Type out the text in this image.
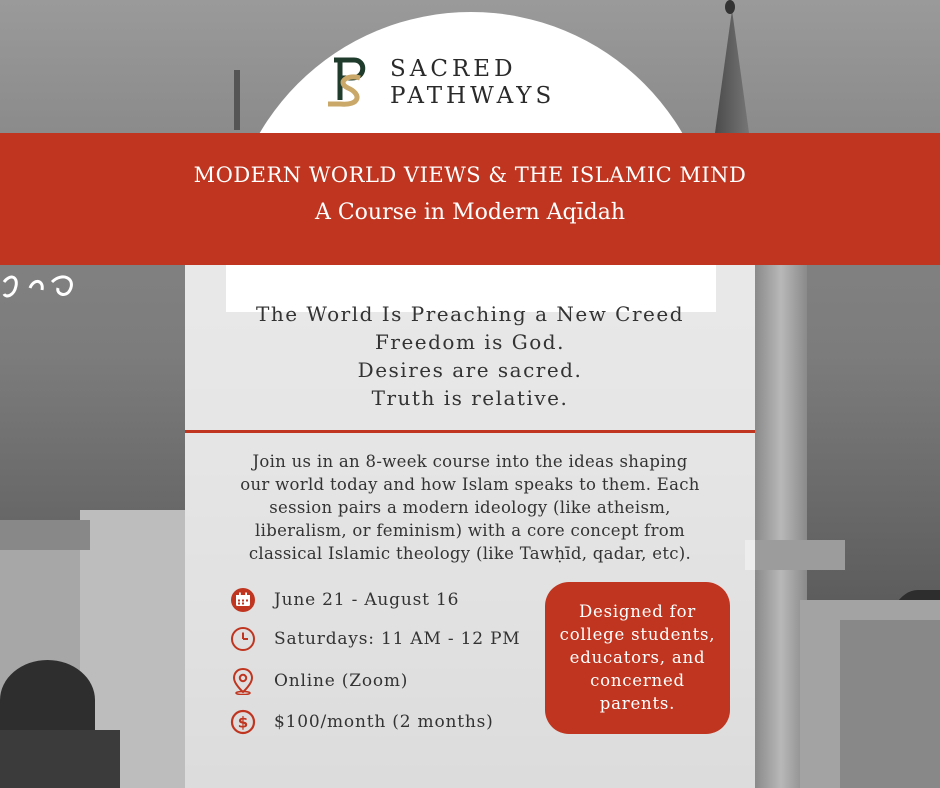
SACRED
PATHWAYS
MODERN WORLD VIEWS & THE ISLAMIC MIND
A Course in Modern Aqīdah
The World Is Preaching a New Creed
Freedom is God.
Desires are sacred.
Truth is relative.
Join us in an 8-week course into the ideas shaping
our world today and how Islam speaks to them. Each
session pairs a modern ideology (like atheism,
liberalism, or feminism) with a core concept from
classical Islamic theology (like Tawḥīd, qadar, etc).
June 21 - August 16
Saturdays: 11 AM - 12 PM
Online (Zoom)
$ $100/month (2 months)
Designed for
college students,
educators, and
concerned
parents.
